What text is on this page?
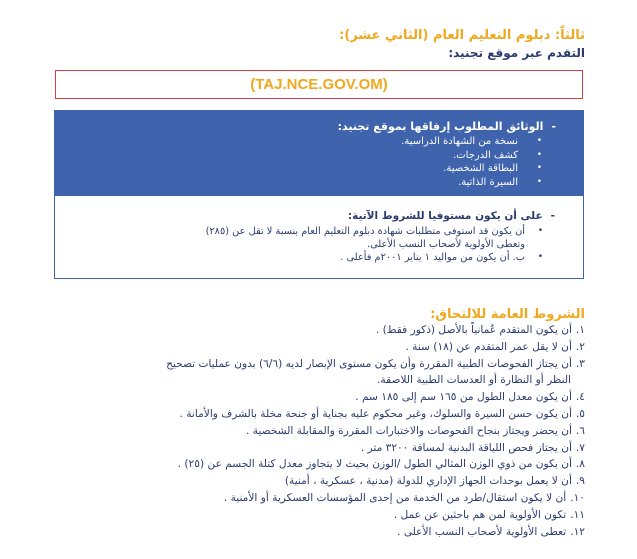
ثالثاً: دبلوم التعليم العام (الثاني عشر):

التقدم عبر موقع تجنيد:

(TAJ.NCE.GOV.OM)

-الوثائق المطلوب إرفاقها بموقع تجنيد:

نسخة من الشهادة الدراسية. •
كشف الدرجات. •
البطاقة الشخصية. •
السيرة الذاتية. •

-على أن يكون مستوفيا للشروط الآتية:

أن يكون قد استوفى متطلبات شهادة دبلوم التعليم العام بنسبة لا تقل عن (٢٨٥) •
وتعطى الأولوية لأصحاب النسب الأعلى.
ب. أن يكون من مواليد ١ يناير ٢٠٠١م فأعلى . •
الشروط العامة للالتحاق:
١.أن يكون المتقدم عُمانياً بالأصل (ذكور فقط) .
٢.أن لا يقل عمر المتقدم عن (١٨) سنة .
٣.أن يجتاز الفحوصات الطبية المقررة وأن يكون مستوى الإبصار لديه (٦/٦) بدون عمليات تصحيح
النظر أو النظارة أو العدسات الطبية اللاصقة.
٤.أن يكون معدل الطول من ١٦٥ سم إلى ١٨٥ سم .
٥.أن يكون حسن السيرة والسلوك، وغير محكوم عليه بجناية أو جنحة مخلة بالشرف والأمانة .
٦.أن يحضر ويجتاز بنجاح الفحوصات والاختبارات المقررة والمقابلة الشخصية .
٧.أن يجتاز فحص اللياقة البدنية لمسافة ٣٢٠٠ متر .
٨.أن يكون من ذوي الوزن المثالي الطول /الوزن بحيث لا يتجاوز معدل كتلة الجسم عن (٢٥) .
٩.أن لا يعمل بوحدات الجهاز الإداري للدولة (مدنية ، عسكرية ، أمنية)
١٠.أن لا يكون استقال/طرد من الخدمة من إحدى المؤسسات العسكرية أو الأمنية .
١١.تكون الأولوية لمن هم باحثين عن عمل .
١٢.تعطى الأولوية لأصحاب النسب الأعلى .
